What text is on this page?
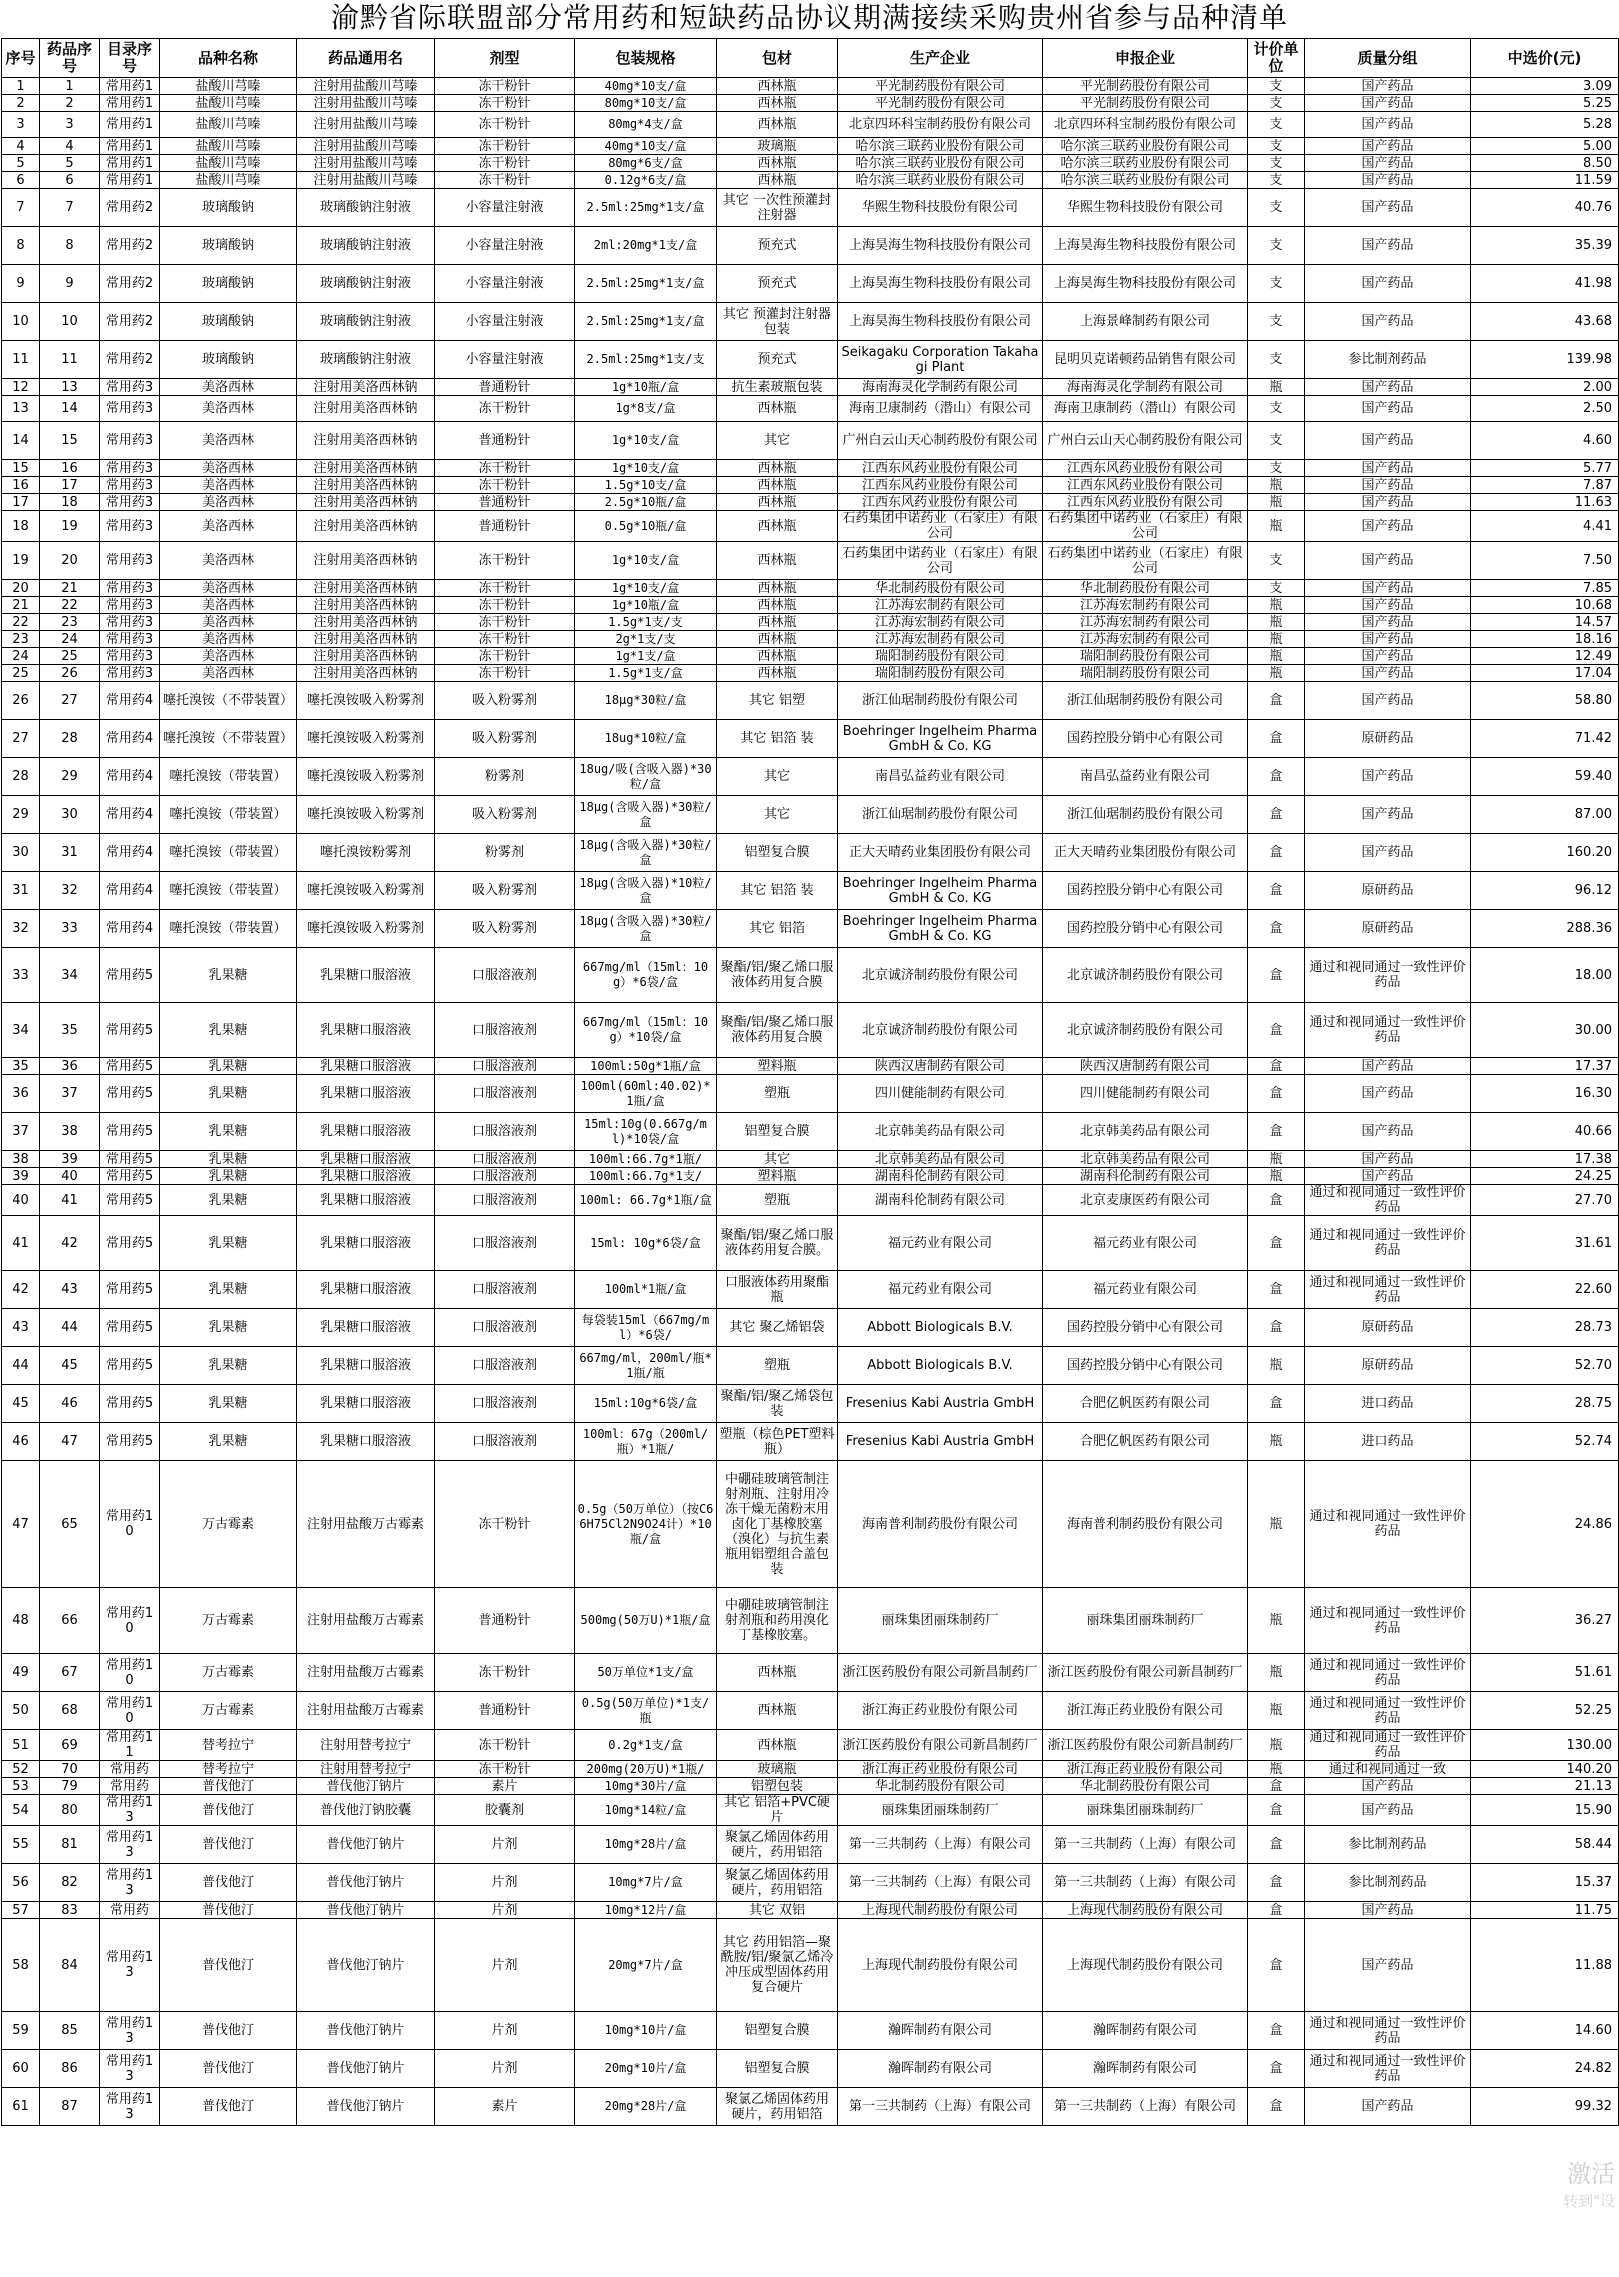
渝黔省际联盟部分常用药和短缺药品协议期满接续采购贵州省参与品种清单
序号	药品序号	目录序号	品种名称	药品通用名	剂型	包装规格	包材	生产企业	申报企业	计价单位	质量分组	中选价(元)
1	1	常用药1	盐酸川芎嗪	注射用盐酸川芎嗪	冻干粉针	40mg*10支/盒	西林瓶	平光制药股份有限公司	平光制药股份有限公司	支	国产药品	3.09
2	2	常用药1	盐酸川芎嗪	注射用盐酸川芎嗪	冻干粉针	80mg*10支/盒	西林瓶	平光制药股份有限公司	平光制药股份有限公司	支	国产药品	5.25
3	3	常用药1	盐酸川芎嗪	注射用盐酸川芎嗪	冻干粉针	80mg*4支/盒	西林瓶	北京四环科宝制药股份有限公司	北京四环科宝制药股份有限公司	支	国产药品	5.28
4	4	常用药1	盐酸川芎嗪	注射用盐酸川芎嗪	冻干粉针	40mg*10支/盒	玻璃瓶	哈尔滨三联药业股份有限公司	哈尔滨三联药业股份有限公司	支	国产药品	5.00
5	5	常用药1	盐酸川芎嗪	注射用盐酸川芎嗪	冻干粉针	80mg*6支/盒	西林瓶	哈尔滨三联药业股份有限公司	哈尔滨三联药业股份有限公司	支	国产药品	8.50
6	6	常用药1	盐酸川芎嗪	注射用盐酸川芎嗪	冻干粉针	0.12g*6支/盒	西林瓶	哈尔滨三联药业股份有限公司	哈尔滨三联药业股份有限公司	支	国产药品	11.59
7	7	常用药2	玻璃酸钠	玻璃酸钠注射液	小容量注射液	2.5ml:25mg*1支/盒	其它 一次性预灌封注射器	华熙生物科技股份有限公司	华熙生物科技股份有限公司	支	国产药品	40.76
8	8	常用药2	玻璃酸钠	玻璃酸钠注射液	小容量注射液	2ml:20mg*1支/盒	预充式	上海昊海生物科技股份有限公司	上海昊海生物科技股份有限公司	支	国产药品	35.39
9	9	常用药2	玻璃酸钠	玻璃酸钠注射液	小容量注射液	2.5ml:25mg*1支/盒	预充式	上海昊海生物科技股份有限公司	上海昊海生物科技股份有限公司	支	国产药品	41.98
10	10	常用药2	玻璃酸钠	玻璃酸钠注射液	小容量注射液	2.5ml:25mg*1支/盒	其它 预灌封注射器包装	上海昊海生物科技股份有限公司	上海景峰制药有限公司	支	国产药品	43.68
11	11	常用药2	玻璃酸钠	玻璃酸钠注射液	小容量注射液	2.5ml:25mg*1支/支	预充式	Seikagaku Corporation Takahagi Plant	昆明贝克诺顿药品销售有限公司	支	参比制剂药品	139.98
12	13	常用药3	美洛西林	注射用美洛西林钠	普通粉针	1g*10瓶/盒	抗生素玻瓶包装	海南海灵化学制药有限公司	海南海灵化学制药有限公司	瓶	国产药品	2.00
13	14	常用药3	美洛西林	注射用美洛西林钠	冻干粉针	1g*8支/盒	西林瓶	海南卫康制药（潜山）有限公司	海南卫康制药（潜山）有限公司	支	国产药品	2.50
14	15	常用药3	美洛西林	注射用美洛西林钠	普通粉针	1g*10支/盒	其它	广州白云山天心制药股份有限公司	广州白云山天心制药股份有限公司	支	国产药品	4.60
15	16	常用药3	美洛西林	注射用美洛西林钠	冻干粉针	1g*10支/盒	西林瓶	江西东风药业股份有限公司	江西东风药业股份有限公司	支	国产药品	5.77
16	17	常用药3	美洛西林	注射用美洛西林钠	冻干粉针	1.5g*10支/盒	西林瓶	江西东风药业股份有限公司	江西东风药业股份有限公司	瓶	国产药品	7.87
17	18	常用药3	美洛西林	注射用美洛西林钠	普通粉针	2.5g*10瓶/盒	西林瓶	江西东风药业股份有限公司	江西东风药业股份有限公司	瓶	国产药品	11.63
18	19	常用药3	美洛西林	注射用美洛西林钠	普通粉针	0.5g*10瓶/盒	西林瓶	石药集团中诺药业（石家庄）有限公司	石药集团中诺药业（石家庄）有限公司	瓶	国产药品	4.41
19	20	常用药3	美洛西林	注射用美洛西林钠	冻干粉针	1g*10支/盒	西林瓶	石药集团中诺药业（石家庄）有限公司	石药集团中诺药业（石家庄）有限公司	支	国产药品	7.50
20	21	常用药3	美洛西林	注射用美洛西林钠	冻干粉针	1g*10支/盒	西林瓶	华北制药股份有限公司	华北制药股份有限公司	支	国产药品	7.85
21	22	常用药3	美洛西林	注射用美洛西林钠	冻干粉针	1g*10瓶/盒	西林瓶	江苏海宏制药有限公司	江苏海宏制药有限公司	瓶	国产药品	10.68
22	23	常用药3	美洛西林	注射用美洛西林钠	冻干粉针	1.5g*1支/支	西林瓶	江苏海宏制药有限公司	江苏海宏制药有限公司	瓶	国产药品	14.57
23	24	常用药3	美洛西林	注射用美洛西林钠	冻干粉针	2g*1支/支	西林瓶	江苏海宏制药有限公司	江苏海宏制药有限公司	瓶	国产药品	18.16
24	25	常用药3	美洛西林	注射用美洛西林钠	冻干粉针	1g*1支/盒	西林瓶	瑞阳制药股份有限公司	瑞阳制药股份有限公司	瓶	国产药品	12.49
25	26	常用药3	美洛西林	注射用美洛西林钠	冻干粉针	1.5g*1支/盒	西林瓶	瑞阳制药股份有限公司	瑞阳制药股份有限公司	瓶	国产药品	17.04
26	27	常用药4	噻托溴铵（不带装置）	噻托溴铵吸入粉雾剂	吸入粉雾剂	18μg*30粒/盒	其它 铝塑	浙江仙琚制药股份有限公司	浙江仙琚制药股份有限公司	盒	国产药品	58.80
27	28	常用药4	噻托溴铵（不带装置）	噻托溴铵吸入粉雾剂	吸入粉雾剂	18ug*10粒/盒	其它 铝箔 装	Boehringer Ingelheim Pharma GmbH & Co. KG	国药控股分销中心有限公司	盒	原研药品	71.42
28	29	常用药4	噻托溴铵（带装置）	噻托溴铵吸入粉雾剂	粉雾剂	18ug/吸(含吸入器)*30粒/盒	其它	南昌弘益药业有限公司	南昌弘益药业有限公司	盒	国产药品	59.40
29	30	常用药4	噻托溴铵（带装置）	噻托溴铵吸入粉雾剂	吸入粉雾剂	18μg(含吸入器)*30粒/盒	其它	浙江仙琚制药股份有限公司	浙江仙琚制药股份有限公司	盒	国产药品	87.00
30	31	常用药4	噻托溴铵（带装置）	噻托溴铵粉雾剂	粉雾剂	18μg(含吸入器)*30粒/盒	铝塑复合膜	正大天晴药业集团股份有限公司	正大天晴药业集团股份有限公司	盒	国产药品	160.20
31	32	常用药4	噻托溴铵（带装置）	噻托溴铵吸入粉雾剂	吸入粉雾剂	18μg(含吸入器)*10粒/盒	其它 铝箔 装	Boehringer Ingelheim Pharma GmbH & Co. KG	国药控股分销中心有限公司	盒	原研药品	96.12
32	33	常用药4	噻托溴铵（带装置）	噻托溴铵吸入粉雾剂	吸入粉雾剂	18μg(含吸入器)*30粒/盒	其它 铝箔	Boehringer Ingelheim Pharma GmbH & Co. KG	国药控股分销中心有限公司	盒	原研药品	288.36
33	34	常用药5	乳果糖	乳果糖口服溶液	口服溶液剂	667mg/ml（15ml：10g）*6袋/盒	聚酯/铝/聚乙烯口服液体药用复合膜	北京诚济制药股份有限公司	北京诚济制药股份有限公司	盒	通过和视同通过一致性评价药品	18.00
34	35	常用药5	乳果糖	乳果糖口服溶液	口服溶液剂	667mg/ml（15ml：10g）*10袋/盒	聚酯/铝/聚乙烯口服液体药用复合膜	北京诚济制药股份有限公司	北京诚济制药股份有限公司	盒	通过和视同通过一致性评价药品	30.00
35	36	常用药5	乳果糖	乳果糖口服溶液	口服溶液剂	100ml:50g*1瓶/盒	塑料瓶	陕西汉唐制药有限公司	陕西汉唐制药有限公司	盒	国产药品	17.37
36	37	常用药5	乳果糖	乳果糖口服溶液	口服溶液剂	100ml(60ml:40.02)*1瓶/盒	塑瓶	四川健能制药有限公司	四川健能制药有限公司	盒	国产药品	16.30
37	38	常用药5	乳果糖	乳果糖口服溶液	口服溶液剂	15ml:10g(0.667g/ml)*10袋/盒	铝塑复合膜	北京韩美药品有限公司	北京韩美药品有限公司	盒	国产药品	40.66
38	39	常用药5	乳果糖	乳果糖口服溶液	口服溶液剂	100ml:66.7g*1瓶/	其它	北京韩美药品有限公司	北京韩美药品有限公司	瓶	国产药品	17.38
39	40	常用药5	乳果糖	乳果糖口服溶液	口服溶液剂	100ml:66.7g*1支/	塑料瓶	湖南科伦制药有限公司	湖南科伦制药有限公司	瓶	国产药品	24.25
40	41	常用药5	乳果糖	乳果糖口服溶液	口服溶液剂	100ml: 66.7g*1瓶/盒	塑瓶	湖南科伦制药有限公司	北京麦康医药有限公司	盒	通过和视同通过一致性评价药品	27.70
41	42	常用药5	乳果糖	乳果糖口服溶液	口服溶液剂	15ml: 10g*6袋/盒	聚酯/铝/聚乙烯口服液体药用复合膜。	福元药业有限公司	福元药业有限公司	盒	通过和视同通过一致性评价药品	31.61
42	43	常用药5	乳果糖	乳果糖口服溶液	口服溶液剂	100ml*1瓶/盒	口服液体药用聚酯瓶	福元药业有限公司	福元药业有限公司	盒	通过和视同通过一致性评价药品	22.60
43	44	常用药5	乳果糖	乳果糖口服溶液	口服溶液剂	每袋装15ml（667mg/ml）*6袋/	其它 聚乙烯铝袋	Abbott Biologicals B.V.	国药控股分销中心有限公司	盒	原研药品	28.73
44	45	常用药5	乳果糖	乳果糖口服溶液	口服溶液剂	667mg/ml，200ml/瓶*1瓶/瓶	塑瓶	Abbott Biologicals B.V.	国药控股分销中心有限公司	瓶	原研药品	52.70
45	46	常用药5	乳果糖	乳果糖口服溶液	口服溶液剂	15ml:10g*6袋/盒	聚酯/铝/聚乙烯袋包装	Fresenius Kabi Austria GmbH	合肥亿帆医药有限公司	盒	进口药品	28.75
46	47	常用药5	乳果糖	乳果糖口服溶液	口服溶液剂	100ml：67g（200ml/瓶）*1瓶/	塑瓶（棕色PET塑料瓶）	Fresenius Kabi Austria GmbH	合肥亿帆医药有限公司	瓶	进口药品	52.74
47	65	常用药10	万古霉素	注射用盐酸万古霉素	冻干粉针	0.5g（50万单位）（按C66H75Cl2N9O24计）*10瓶/盒	中硼硅玻璃管制注射剂瓶、注射用冷冻干燥无菌粉末用卤化丁基橡胶塞（溴化）与抗生素瓶用铝塑组合盖包装	海南普利制药股份有限公司	海南普利制药股份有限公司	瓶	通过和视同通过一致性评价药品	24.86
48	66	常用药10	万古霉素	注射用盐酸万古霉素	普通粉针	500mg(50万U)*1瓶/盒	中硼硅玻璃管制注射剂瓶和药用溴化丁基橡胶塞。	丽珠集团丽珠制药厂	丽珠集团丽珠制药厂	瓶	通过和视同通过一致性评价药品	36.27
49	67	常用药10	万古霉素	注射用盐酸万古霉素	冻干粉针	50万单位*1支/盒	西林瓶	浙江医药股份有限公司新昌制药厂	浙江医药股份有限公司新昌制药厂	瓶	通过和视同通过一致性评价药品	51.61
50	68	常用药10	万古霉素	注射用盐酸万古霉素	普通粉针	0.5g(50万单位)*1支/瓶	西林瓶	浙江海正药业股份有限公司	浙江海正药业股份有限公司	瓶	通过和视同通过一致性评价药品	52.25
51	69	常用药11	替考拉宁	注射用替考拉宁	冻干粉针	0.2g*1支/盒	西林瓶	浙江医药股份有限公司新昌制药厂	浙江医药股份有限公司新昌制药厂	瓶	通过和视同通过一致性评价药品	130.00
52	70	常用药	替考拉宁	注射用替考拉宁	冻干粉针	200mg(20万U)*1瓶/	玻璃瓶	浙江海正药业股份有限公司	浙江海正药业股份有限公司	瓶	通过和视同通过一致	140.20
53	79	常用药	普伐他汀	普伐他汀钠片	素片	10mg*30片/盒	铝塑包装	华北制药股份有限公司	华北制药股份有限公司	盒	国产药品	21.13
54	80	常用药13	普伐他汀	普伐他汀钠胶囊	胶囊剂	10mg*14粒/盒	其它 铝箔+PVC硬片	丽珠集团丽珠制药厂	丽珠集团丽珠制药厂	盒	国产药品	15.90
55	81	常用药13	普伐他汀	普伐他汀钠片	片剂	10mg*28片/盒	聚氯乙烯固体药用硬片，药用铝箔	第一三共制药（上海）有限公司	第一三共制药（上海）有限公司	盒	参比制剂药品	58.44
56	82	常用药13	普伐他汀	普伐他汀钠片	片剂	10mg*7片/盒	聚氯乙烯固体药用硬片，药用铝箔	第一三共制药（上海）有限公司	第一三共制药（上海）有限公司	盒	参比制剂药品	15.37
57	83	常用药	普伐他汀	普伐他汀钠片	片剂	10mg*12片/盒	其它 双铝	上海现代制药股份有限公司	上海现代制药股份有限公司	盒	国产药品	11.75
58	84	常用药13	普伐他汀	普伐他汀钠片	片剂	20mg*7片/盒	其它 药用铝箔—聚酰胺/铝/聚氯乙烯冷冲压成型固体药用复合硬片	上海现代制药股份有限公司	上海现代制药股份有限公司	盒	国产药品	11.88
59	85	常用药13	普伐他汀	普伐他汀钠片	片剂	10mg*10片/盒	铝塑复合膜	瀚晖制药有限公司	瀚晖制药有限公司	盒	通过和视同通过一致性评价药品	14.60
60	86	常用药13	普伐他汀	普伐他汀钠片	片剂	20mg*10片/盒	铝塑复合膜	瀚晖制药有限公司	瀚晖制药有限公司	盒	通过和视同通过一致性评价药品	24.82
61	87	常用药13	普伐他汀	普伐他汀钠片	素片	20mg*28片/盒	聚氯乙烯固体药用硬片，药用铝箔	第一三共制药（上海）有限公司	第一三共制药（上海）有限公司	盒	国产药品	99.32
激活
转到"设
